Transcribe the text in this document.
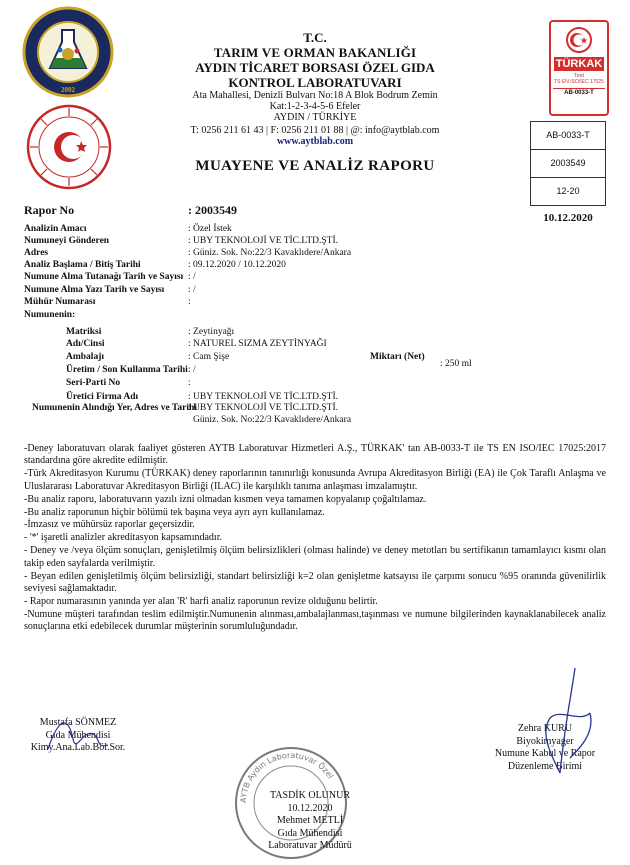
2002
TÜRKAK
Test
TS EN ISO/IEC 17025
AB-0033-T
T.C.
TARIM VE ORMAN BAKANLIĞI
AYDIN TİCARET BORSASI ÖZEL GIDA
KONTROL LABORATUVARI
Ata Mahallesi, Denizli Bulvarı No:18 A Blok Bodrum Zemin
Kat:1-2-3-4-5-6 Efeler
AYDIN / TÜRKİYE
T: 0256 211 61 43 | F: 0256 211 01 88 | @: info@aytblab.com
www.aytblab.com
MUAYENE VE ANALİZ RAPORU
AB-0033-T
2003549
12-20
10.12.2020
Rapor No	: 2003549
Analizin Amacı	: Özel İstek
Numuneyi Gönderen	: UBY TEKNOLOJİ VE TİC.LTD.ŞTİ.
Adres	: Güniz. Sok. No:22/3 Kavaklıdere/Ankara
Analiz Başlama / Bitiş Tarihi	: 09.12.2020 / 10.12.2020
Numune Alma Tutanağı Tarih ve Sayısı : /
Numune Alma Yazı Tarih ve Sayısı : /
Mühür Numarası	:
Numunenin:
Matriksi	: Zeytinyağı
Adı/Cinsi	: NATUREL SIZMA ZEYTİNYAĞI
Ambalajı	: Cam Şişe
Üretim / Son Kullanma Tarihi : /
Seri-Parti No	:
Üretici Firma Adı	: UBY TEKNOLOJİ VE TİC.LTD.ŞTİ.
Numunenin Alındığı Yer, Adres ve Tarihi
: UBY TEKNOLOJİ VE TİC.LTD.ŞTİ.
Güniz. Sok. No:22/3 Kavaklıdere/Ankara
Miktarı (Net)
: 250 ml

-Deney laboratuvarı olarak faaliyet gösteren AYTB Laboratuvar Hizmetleri A.Ş., TÜRKAK' tan AB-0033-T ile TS EN ISO/IEC 17025:2017 standardına göre akredite edilmiştir.

-Türk Akreditasyon Kurumu (TÜRKAK) deney raporlarının tanınırlığı konusunda Avrupa Akreditasyon Birliği (EA) ile Çok Taraflı Anlaşma ve Uluslararası Laboratuvar Akreditasyon Birliği (ILAC) ile karşılıklı tanıma anlaşması imzalamıştır.

-Bu analiz raporu, laboratuvarın yazılı izni olmadan kısmen veya tamamen kopyalanıp çoğaltılamaz.

-Bu analiz raporunun hiçbir bölümü tek başına veya ayrı ayrı kullanılamaz.

-İmzasız ve mühürsüz raporlar geçersizdir.

- '*' işaretli analizler akreditasyon kapsamındadır.

- Deney ve /veya ölçüm sonuçları, genişletilmiş ölçüm belirsizlikleri (olması halinde) ve deney metotları bu sertifikanın tamamlayıcı kısmı olan takip eden sayfalarda verilmiştir.

- Beyan edilen genişletilmiş ölçüm belirsizliği, standart belirsizliği k=2 olan genişletme katsayısı ile çarpımı sonucu %95 oranında güvenilirlik seviyesi sağlamaktadır.

- Rapor numarasının yanında yer alan 'R' harfi analiz raporunun revize olduğunu belirtir.

-Numune müşteri tarafından teslim edilmiştir.Numunenin alınması,ambalajlanması,taşınması ve numune bilgilerinden kaynaklanabilecek analiz sonuçlarına etki edebilecek durumlar müşterinin sorumluluğundadır.

Mustafa SÖNMEZ
Gıda Mühendisi
Kimy.Ana.Lab.Böl.Sor.
Zehra KURU
Biyokimyager
Numune Kabul ve Rapor
Düzenleme Birimi
AYTB Aydın Laboratuvar Özel
TASDİK OLUNUR
10.12.2020
Mehmet METLİ
Gıda Mühendisi
Laboratuvar Müdürü
